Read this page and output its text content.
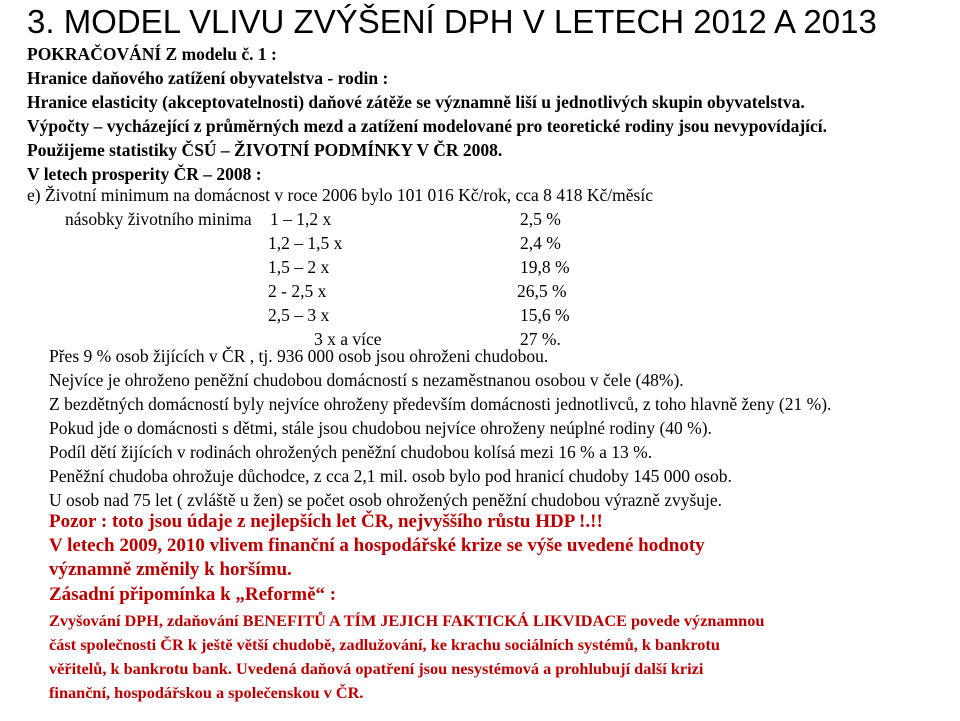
3. MODEL VLIVU ZVÝŠENÍ DPH V LETECH 2012 A 2013
POKRAČOVÁNÍ Z modelu č. 1 :
Hranice daňového zatížení obyvatelstva - rodin :
Hranice elasticity (akceptovatelnosti) daňové zátěže se významně liší u jednotlivých skupin obyvatelstva.
Výpočty – vycházející z průměrných mezd a zatížení modelované pro teoretické rodiny jsou nevypovídající.
Použijeme statistiky ČSÚ – ŽIVOTNÍ PODMÍNKY V ČR 2008.
V letech prosperity ČR – 2008 :
e) Životní minimum na domácnost v roce 2006 bylo 101 016 Kč/rok, cca 8 418 Kč/měsíc
násobky životního minima 1 – 1,2 x	2,5 %
1,2 – 1,5 x	2,4 %
1,5 – 2 x	19,8 %
2 - 2,5 x	26,5 %
2,5 – 3 x	15,6 %
3 x a více	27 %.
Přes 9 % osob žijících v ČR , tj. 936 000 osob jsou ohroženi chudobou.
Nejvíce je ohroženo peněžní chudobou domácností s nezaměstnanou osobou v čele (48%).
Z bezdětných domácností byly nejvíce ohroženy především domácnosti jednotlivců, z toho hlavně ženy (21 %).
Pokud jde o domácnosti s dětmi, stále jsou chudobou nejvíce ohroženy neúplné rodiny (40 %).
Podíl dětí žijících v rodinách ohrožených peněžní chudobou kolísá mezi 16 % a 13 %.
Peněžní chudoba ohrožuje důchodce, z cca 2,1 mil. osob bylo pod hranicí chudoby 145 000 osob.
U osob nad 75 let ( zvláště u žen) se počet osob ohrožených peněžní chudobou výrazně zvyšuje.
Pozor : toto jsou údaje z nejlepších let ČR, nejvyššího růstu HDP !.!!
V letech 2009, 2010 vlivem finanční a hospodářské krize se výše uvedené hodnoty
významně změnily k horšímu.
Zásadní připomínka k „Reformě“ :
Zvyšování DPH, zdaňování BENEFITŮ A TÍM JEJICH FAKTICKÁ LIKVIDACE povede významnou
část společnosti ČR k ještě větší chudobě, zadlužování, ke krachu sociálních systémů, k bankrotu
věřitelů, k bankrotu bank. Uvedená daňová opatření jsou nesystémová a prohlubují další krizi
finanční, hospodářskou a společenskou v ČR.
